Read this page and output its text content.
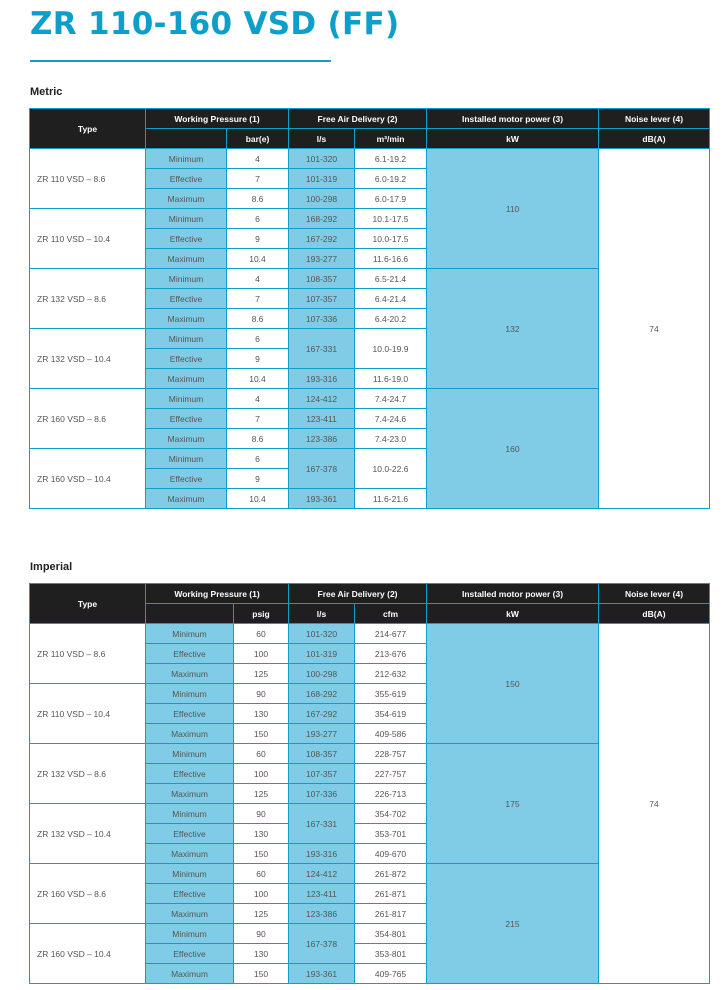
ZR 110-160 VSD (FF)
Metric
Type	Working Pressure (1)		Free Air Delivery (2)		Installed motor power (3)	Noise lever (4)
		bar(e)	l/s	m³/min	kW	dB(A)
ZR 110 VSD – 8.6	Minimum	4	101-320	6.1-19.2	110	74
	Effective	7	101-319	6.0-19.2		
	Maximum	8.6	100-298	6.0-17.9		
ZR 110 VSD – 10.4	Minimum	6	168-292	10.1-17.5		
	Effective	9	167-292	10.0-17.5		
	Maximum	10.4	193-277	11.6-16.6		
ZR 132 VSD – 8.6	Minimum	4	108-357	6.5-21.4	132	
	Effective	7	107-357	6.4-21.4		
	Maximum	8.6	107-336	6.4-20.2		
ZR 132 VSD – 10.4	Minimum	6	167-331	10.0-19.9		
	Effective	9				
	Maximum	10.4	193-316	11.6-19.0		
ZR 160 VSD – 8.6	Minimum	4	124-412	7.4-24.7	160	
	Effective	7	123-411	7.4-24.6		
	Maximum	8.6	123-386	7.4-23.0		
ZR 160 VSD – 10.4	Minimum	6	167-378	10.0-22.6		
	Effective	9				
	Maximum	10.4	193-361	11.6-21.6		
Imperial
Type	Working Pressure (1)		Free Air Delivery (2)		Installed motor power (3)	Noise lever (4)
		psig	l/s	cfm	kW	dB(A)
ZR 110 VSD – 8.6	Minimum	60	101-320	214-677	150	74
	Effective	100	101-319	213-676		
	Maximum	125	100-298	212-632		
ZR 110 VSD – 10.4	Minimum	90	168-292	355-619		
	Effective	130	167-292	354-619		
	Maximum	150	193-277	409-586		
ZR 132 VSD – 8.6	Minimum	60	108-357	228-757	175	
	Effective	100	107-357	227-757		
	Maximum	125	107-336	226-713		
ZR 132 VSD – 10.4	Minimum	90	167-331	354-702		
	Effective	130		353-701		
	Maximum	150	193-316	409-670		
ZR 160 VSD – 8.6	Minimum	60	124-412	261-872	215	
	Effective	100	123-411	261-871		
	Maximum	125	123-386	261-817		
ZR 160 VSD – 10.4	Minimum	90	167-378	354-801		
	Effective	130		353-801		
	Maximum	150	193-361	409-765		
